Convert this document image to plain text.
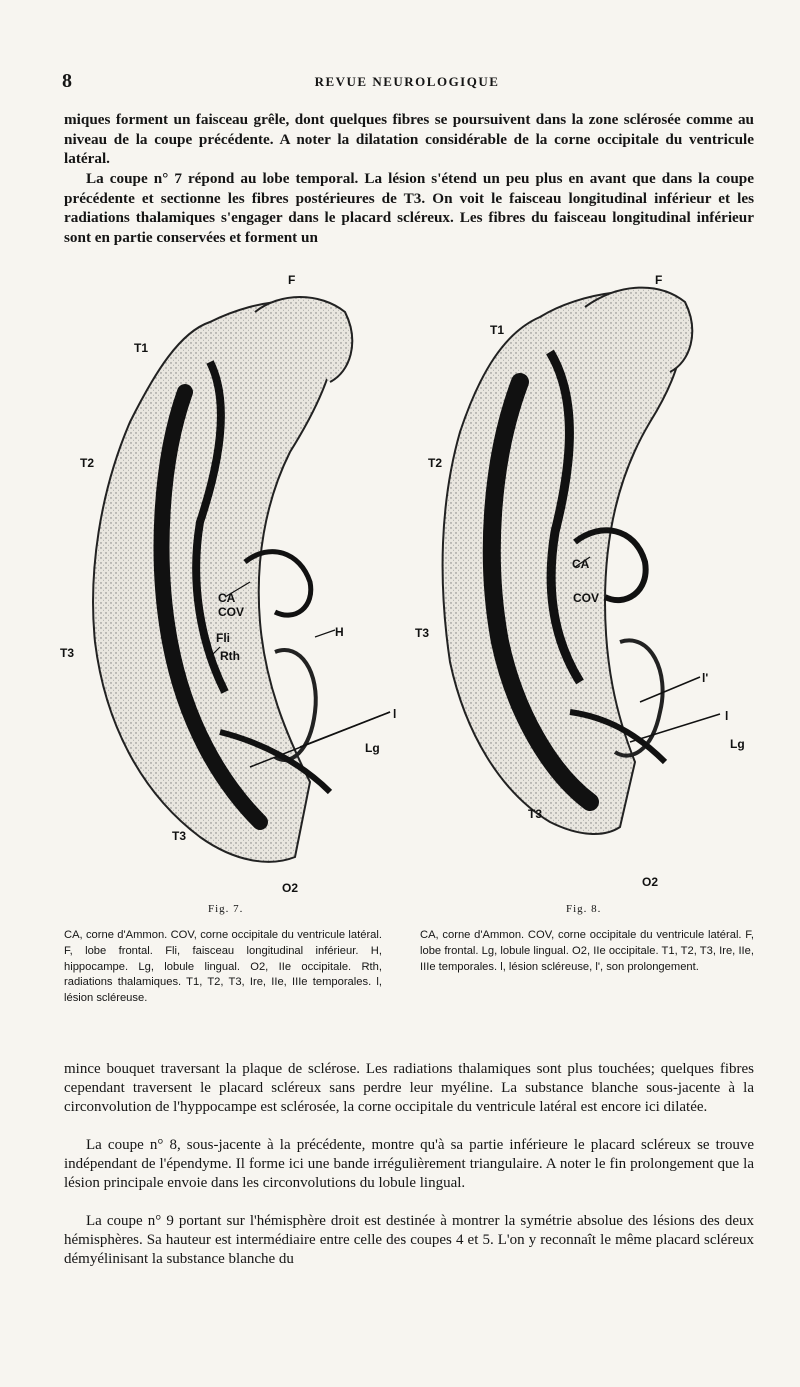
8	REVUE NEUROLOGIQUE

miques forment un faisceau grêle, dont quelques fibres se poursuivent dans la zone sclérosée comme au niveau de la coupe précédente. A noter la dilatation considérable de la corne occipitale du ventricule latéral.

La coupe n° 7 répond au lobe temporal. La lésion s'étend un peu plus en avant que dans la coupe précédente et sectionne les fibres postérieures de T3. On voit le faisceau longitudinal inférieur et les radiations thalamiques s'engager dans le placard scléreux. Les fibres du faisceau longitudinal inférieur sont en partie conservées et forment un

F
T1
T2
T3
CA
COV
Fli
Rth
H
l
Lg
T3
O2
F
T1
T2
T3
CA
COV
l'
l
Lg
T3
O2
Fig. 7.	Fig. 8.

CA, corne d'Ammon. COV, corne occipitale du ventricule latéral. F, lobe frontal. Fli, faisceau longitudinal inférieur. H, hippocampe. Lg, lobule lingual. O2, IIe occipitale. Rth, radiations thalamiques. T1, T2, T3, Ire, IIe, IIIe temporales. l, lésion scléreuse.

CA, corne d'Ammon. COV, corne occipitale du ventricule latéral. F, lobe frontal. Lg, lobule lingual. O2, IIe occipitale. T1, T2, T3, Ire, IIe, IIIe temporales. l, lésion scléreuse, l', son prolongement.

mince bouquet traversant la plaque de sclérose. Les radiations thalamiques sont plus touchées; quelques fibres cependant traversent le placard scléreux sans perdre leur myéline. La substance blanche sous-jacente à la circonvolution de l'hyppocampe est sclérosée, la corne occipitale du ventricule latéral est encore ici dilatée.

La coupe n° 8, sous-jacente à la précédente, montre qu'à sa partie inférieure le placard scléreux se trouve indépendant de l'épendyme. Il forme ici une bande irrégulièrement triangulaire. A noter le fin prolongement que la lésion principale envoie dans les circonvolutions du lobule lingual.

La coupe n° 9 portant sur l'hémisphère droit est destinée à montrer la symétrie absolue des lésions des deux hémisphères. Sa hauteur est intermédiaire entre celle des coupes 4 et 5. L'on y reconnaît le même placard scléreux démyélinisant la substance blanche du
